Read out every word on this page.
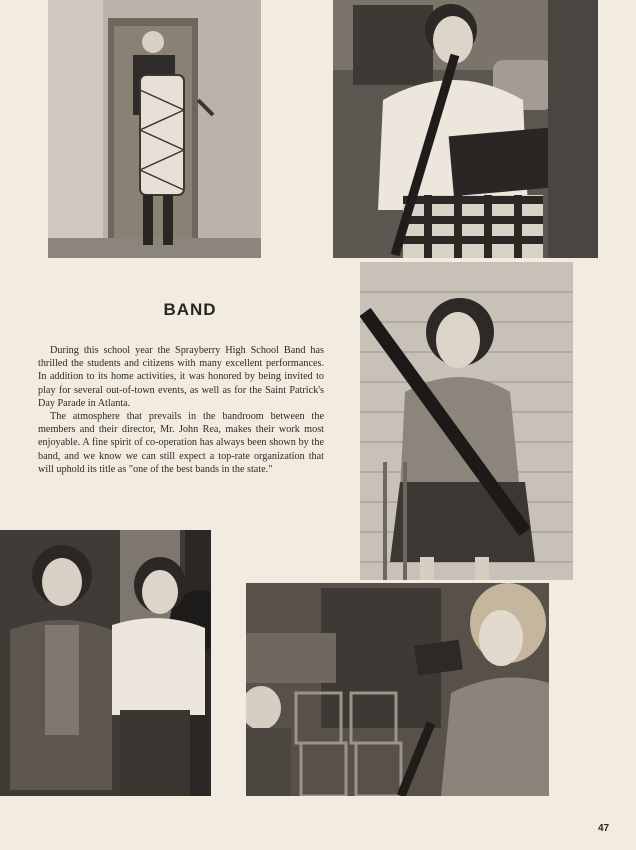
BAND

During this school year the Sprayberry High School Band has thrilled the students and citizens with many excellent performances. In addition to its home activities, it was honored by being invited to play for several out-of-town events, as well as for the Saint Patrick's Day Parade in Atlanta.

The atmosphere that prevails in the bandroom between the members and their director, Mr. John Rea, makes their work most enjoyable. A fine spirit of co-operation has always been shown by the band, and we know we can still expect a top-rate organization that will uphold its title as "one of the best bands in the state."

47
